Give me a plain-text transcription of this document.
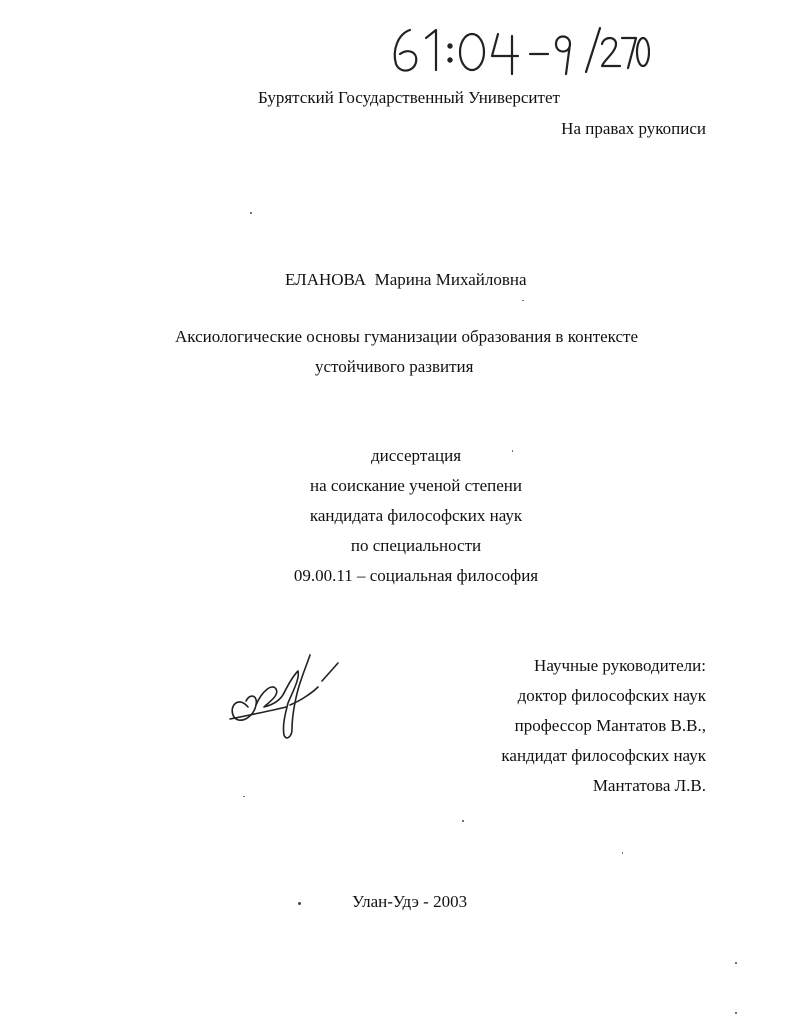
Бурятский Государственный Университет
На правах рукописи
ЕЛАНОВА Марина Михайловна
Аксиологические основы гуманизации образования в контексте
устойчивого развития
диссертация
на соискание ученой степени
кандидата философских наук
по специальности
09.00.11 – социальная философия
Научные руководители:
доктор философских наук
профессор Мантатов В.В.,
кандидат философских наук
Мантатова Л.В.
Улан-Удэ - 2003
